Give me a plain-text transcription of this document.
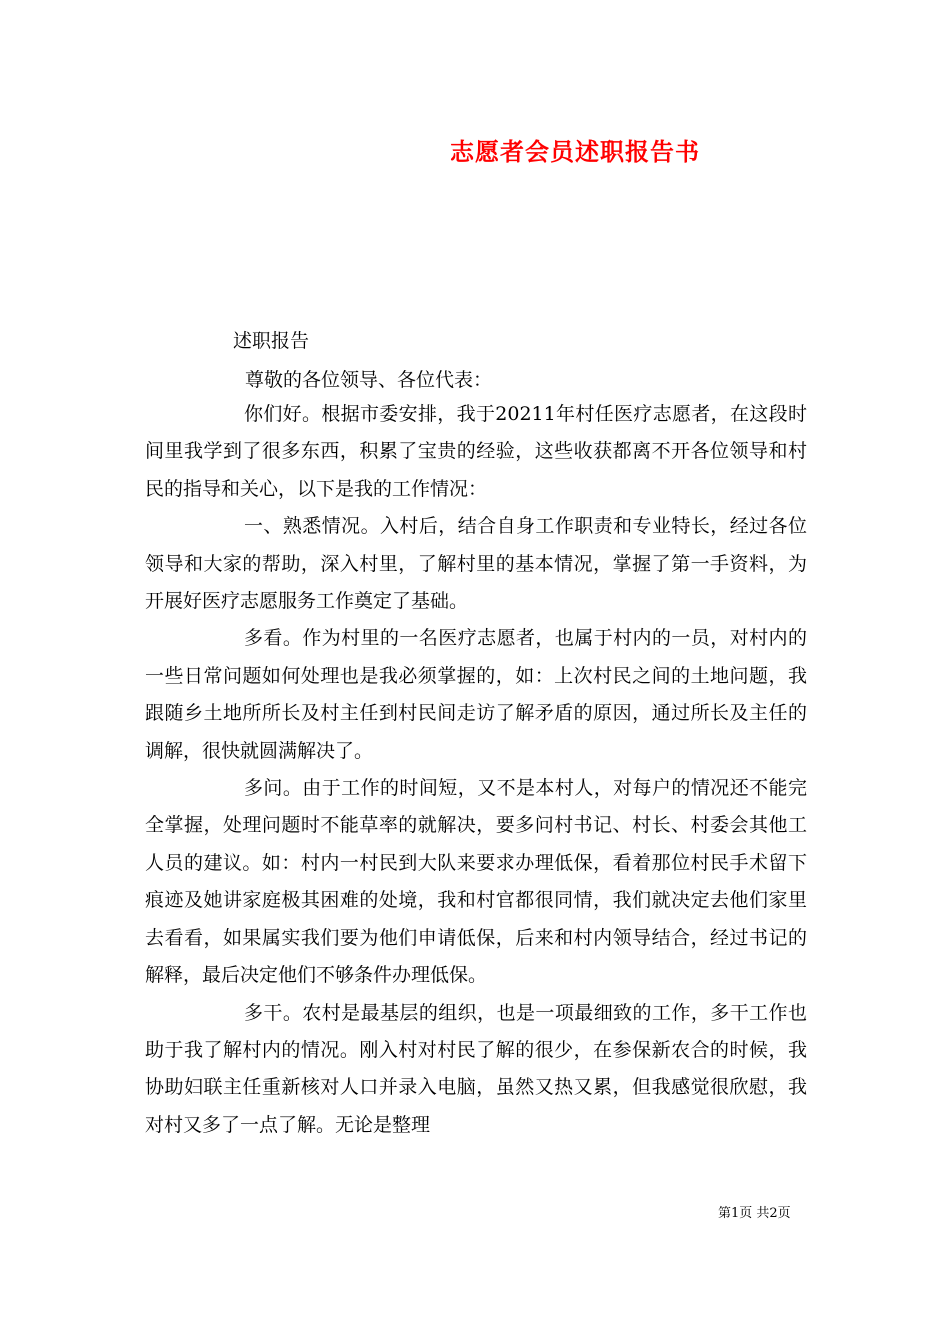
志愿者会员述职报告书
述职报告
尊敬的各位领导、各位代表：

你们好。根据市委安排，我于20211年村任医疗志愿者，在这段时间里我学到了很多东西，积累了宝贵的经验，这些收获都离不开各位领导和村民的指导和关心，以下是我的工作情况：

一、熟悉情况。入村后，结合自身工作职责和专业特长，经过各位领导和大家的帮助，深入村里，了解村里的基本情况，掌握了第一手资料，为开展好医疗志愿服务工作奠定了基础。

多看。作为村里的一名医疗志愿者，也属于村内的一员，对村内的一些日常问题如何处理也是我必须掌握的，如：上次村民之间的土地问题，我跟随乡土地所所长及村主任到村民间走访了解矛盾的原因，通过所长及主任的调解，很快就圆满解决了。

多问。由于工作的时间短，又不是本村人，对每户的情况还不能完全掌握，处理问题时不能草率的就解决，要多问村书记、村长、村委会其他工人员的建议。如：村内一村民到大队来要求办理低保，看着那位村民手术留下痕迹及她讲家庭极其困难的处境，我和村官都很同情，我们就决定去他们家里去看看，如果属实我们要为他们申请低保，后来和村内领导结合，经过书记的解释，最后决定他们不够条件办理低保。

多干。农村是最基层的组织，也是一项最细致的工作，多干工作也助于我了解村内的情况。刚入村对村民了解的很少，在参保新农合的时候，我协助妇联主任重新核对人口并录入电脑，虽然又热又累，但我感觉很欣慰，我对村又多了一点了解。无论是整理

第1页 共2页
